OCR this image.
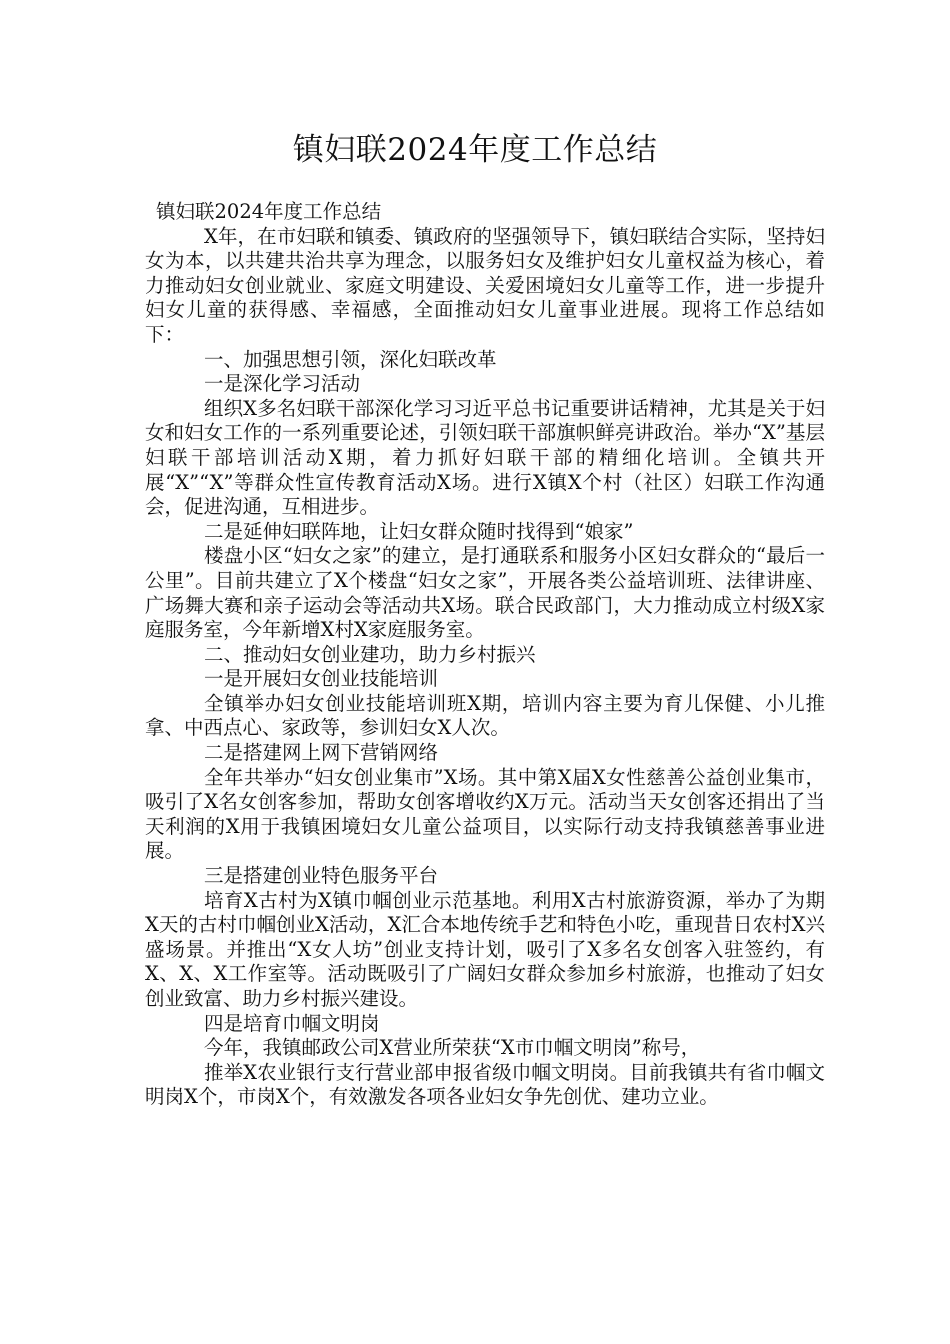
镇妇联2024年度工作总结

镇妇联2024年度工作总结

X年，在市妇联和镇委、镇政府的坚强领导下，镇妇联结合实际，坚持妇女为本，以共建共治共享为理念，以服务妇女及维护妇女儿童权益为核心，着力推动妇女创业就业、家庭文明建设、关爱困境妇女儿童等工作，进一步提升妇女儿童的获得感、幸福感，全面推动妇女儿童事业进展。现将工作总结如下：

一、加强思想引领，深化妇联改革

一是深化学习活动

组织X多名妇联干部深化学习习近平总书记重要讲话精神，尤其是关于妇女和妇女工作的一系列重要论述，引领妇联干部旗帜鲜亮讲政治。举办“X”基层妇联干部培训活动X期，着力抓好妇联干部的精细化培训。全镇共开展“X”“X”等群众性宣传教育活动X场。进行X镇X个村（社区）妇联工作沟通会，促进沟通，互相进步。

二是延伸妇联阵地，让妇女群众随时找得到“娘家”

楼盘小区“妇女之家”的建立，是打通联系和服务小区妇女群众的“最后一公里”。目前共建立了X个楼盘“妇女之家”，开展各类公益培训班、法律讲座、广场舞大赛和亲子运动会等活动共X场。联合民政部门，大力推动成立村级X家庭服务室，今年新增X村X家庭服务室。

二、推动妇女创业建功，助力乡村振兴

一是开展妇女创业技能培训

全镇举办妇女创业技能培训班X期，培训内容主要为育儿保健、小儿推拿、中西点心、家政等，参训妇女X人次。

二是搭建网上网下营销网络

全年共举办“妇女创业集市”X场。其中第X届X女性慈善公益创业集市，吸引了X名女创客参加，帮助女创客增收约X万元。活动当天女创客还捐出了当天利润的X用于我镇困境妇女儿童公益项目，以实际行动支持我镇慈善事业进展。

三是搭建创业特色服务平台

培育X古村为X镇巾帼创业示范基地。利用X古村旅游资源，举办了为期X天的古村巾帼创业X活动，X汇合本地传统手艺和特色小吃，重现昔日农村X兴盛场景。并推出“X女人坊”创业支持计划，吸引了X多名女创客入驻签约，有X、X、X工作室等。活动既吸引了广阔妇女群众参加乡村旅游，也推动了妇女创业致富、助力乡村振兴建设。

四是培育巾帼文明岗

今年，我镇邮政公司X营业所荣获“X市巾帼文明岗”称号，

推举X农业银行支行营业部申报省级巾帼文明岗。目前我镇共有省巾帼文明岗X个，市岗X个，有效激发各项各业妇女争先创优、建功立业。
